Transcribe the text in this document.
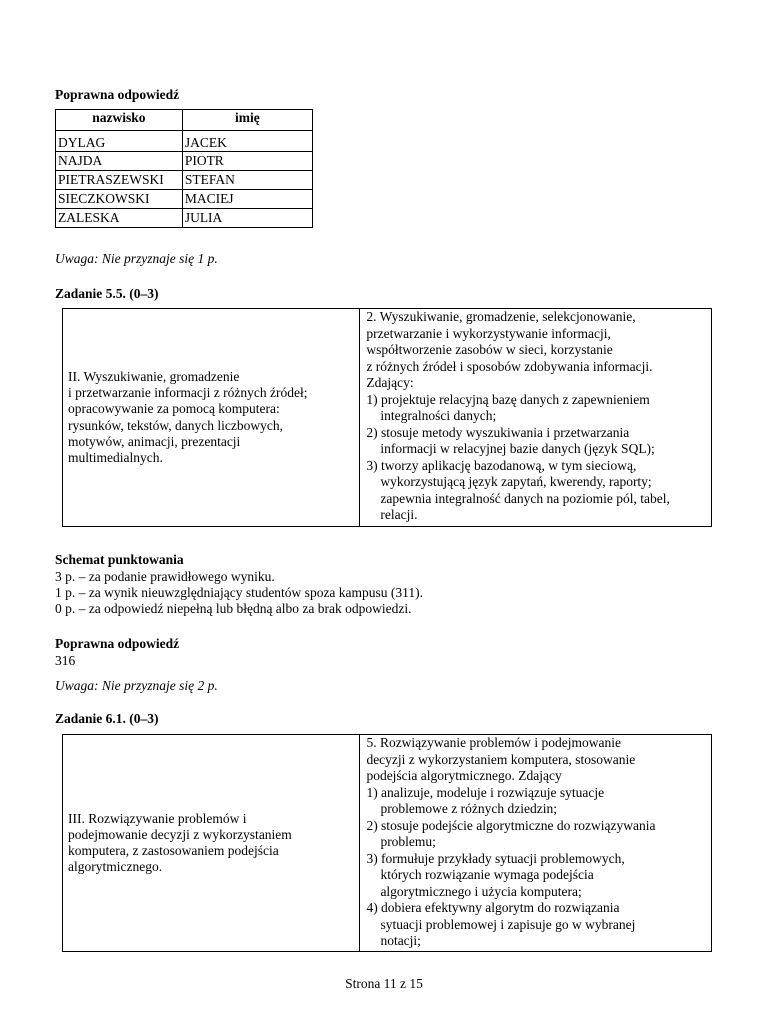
Poprawna odpowiedź
nazwisko	imię
DYLAG	JACEK
NAJDA	PIOTR
PIETRASZEWSKI	STEFAN
SIECZKOWSKI	MACIEJ
ZALESKA	JULIA
Uwaga: Nie przyznaje się 1 p.
Zadanie 5.5. (0–3)
II. Wyszukiwanie, gromadzenie
i przetwarzanie informacji z różnych źródeł;
opracowywanie za pomocą komputera:
rysunków, tekstów, danych liczbowych,
motywów, animacji, prezentacji
multimedialnych.

2. Wyszukiwanie, gromadzenie, selekcjonowanie,
przetwarzanie i wykorzystywanie informacji,
współtworzenie zasobów w sieci, korzystanie
z różnych źródeł i sposobów zdobywania informacji.
Zdający:
1) projektuje relacyjną bazę danych z zapewnieniem
integralności danych;
2) stosuje metody wyszukiwania i przetwarzania
informacji w relacyjnej bazie danych (język SQL);
3) tworzy aplikację bazodanową, w tym sieciową,
wykorzystującą język zapytań, kwerendy, raporty;
zapewnia integralność danych na poziomie pól, tabel,
relacji.
Schemat punktowania
3 p. – za podanie prawidłowego wyniku.
1 p. – za wynik nieuwzględniający studentów spoza kampusu (311).
0 p. – za odpowiedź niepełną lub błędną albo za brak odpowiedzi.
Poprawna odpowiedź
316
Uwaga: Nie przyznaje się 2 p.
Zadanie 6.1. (0–3)
III. Rozwiązywanie problemów i
podejmowanie decyzji z wykorzystaniem
komputera, z zastosowaniem podejścia
algorytmicznego.

5. Rozwiązywanie problemów i podejmowanie
decyzji z wykorzystaniem komputera, stosowanie
podejścia algorytmicznego. Zdający
1) analizuje, modeluje i rozwiązuje sytuacje
problemowe z różnych dziedzin;
2) stosuje podejście algorytmiczne do rozwiązywania
problemu;
3) formułuje przykłady sytuacji problemowych,
których rozwiązanie wymaga podejścia
algorytmicznego i użycia komputera;
4) dobiera efektywny algorytm do rozwiązania
sytuacji problemowej i zapisuje go w wybranej
notacji;
Strona 11 z 15
